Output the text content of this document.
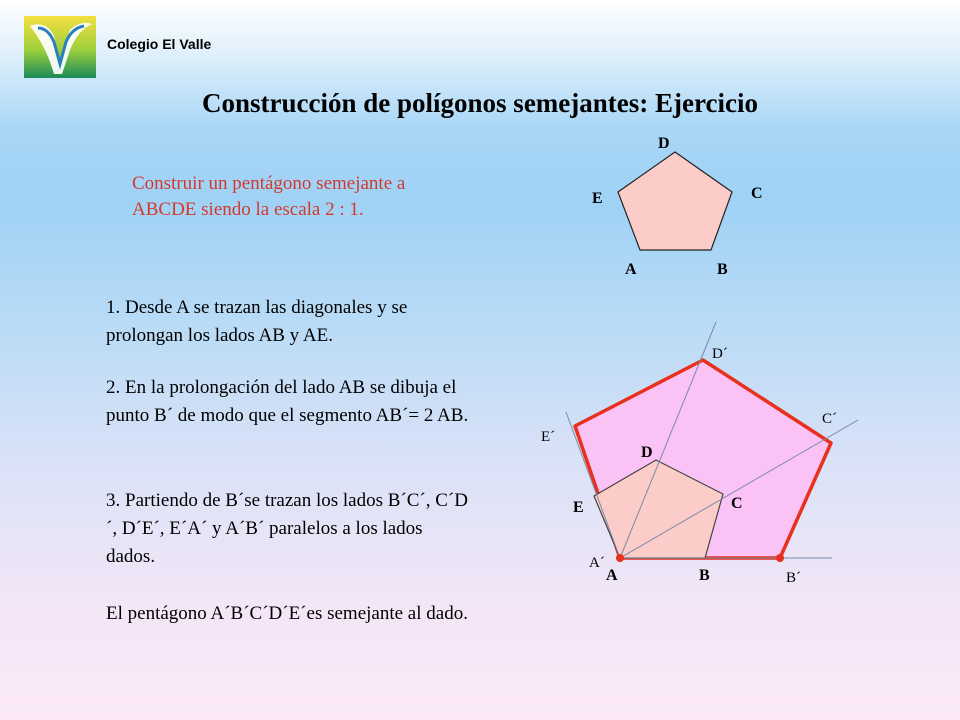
Colegio El Valle
Construcción de polígonos semejantes: Ejercicio
Construir un pentágono semejante a ABCDE siendo la escala 2 : 1.
1. Desde A se trazan las diagonales y se prolongan los lados AB y AE.
2. En la prolongación del lado AB se dibuja el punto B´ de modo que el segmento AB´= 2 AB.
3. Partiendo de B´se trazan los lados B´C´, C´D´, D´E´, E´A´ y A´B´ paralelos a los lados dados.
El pentágono A´B´C´D´E´es semejante al dado.
D
C
E
A	B
D
C
E
A	B
D´
C´
E´
A´
B´
